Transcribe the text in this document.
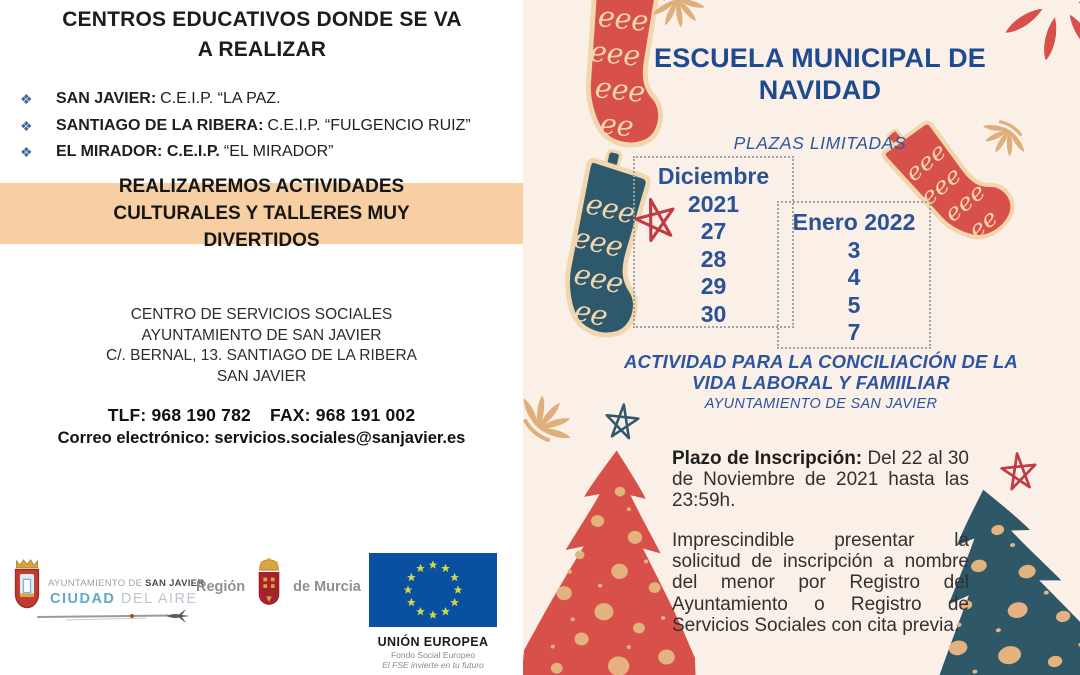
CENTROS EDUCATIVOS DONDE SE VA A REALIZAR
❖	SAN JAVIER: C.E.I.P. “LA PAZ.
❖	SANTIAGO DE LA RIBERA: C.E.I.P. “FULGENCIO RUIZ”
❖	EL MIRADOR: C.E.I.P. “EL MIRADOR”
REALIZAREMOS ACTIVIDADES CULTURALES Y TALLERES MUY DIVERTIDOS
CENTRO DE SERVICIOS SOCIALES
AYUNTAMIENTO DE SAN JAVIER
C/. BERNAL, 13. SANTIAGO DE LA RIBERA
SAN JAVIER
TLF: 968 190 782 FAX: 968 191 002
Correo electrónico: servicios.sociales@sanjavier.es
AYUNTAMIENTO DE SAN JAVIER
CIUDAD DEL AIRE
Región	de Murcia
UNIÓN EUROPEA
Fondo Social Europeo
El FSE invierte en tu futuro
ESCUELA MUNICIPAL DE NAVIDAD
PLAZAS LIMITADAS
Diciembre
2021
27
28
29
30
Enero 2022
3
4
5
7
ACTIVIDAD PARA LA CONCILIACIÓN DE LA
VIDA LABORAL Y FAMIILIAR
AYUNTAMIENTO DE SAN JAVIER

Plazo de Inscripción: Del 22 al 30 de Noviembre de 2021 hasta las 23:59h.

Imprescindible presentar la solicitud de inscripción a nombre del menor por Registro del Ayuntamiento o Registro de Servicios Sociales con cita previa.
